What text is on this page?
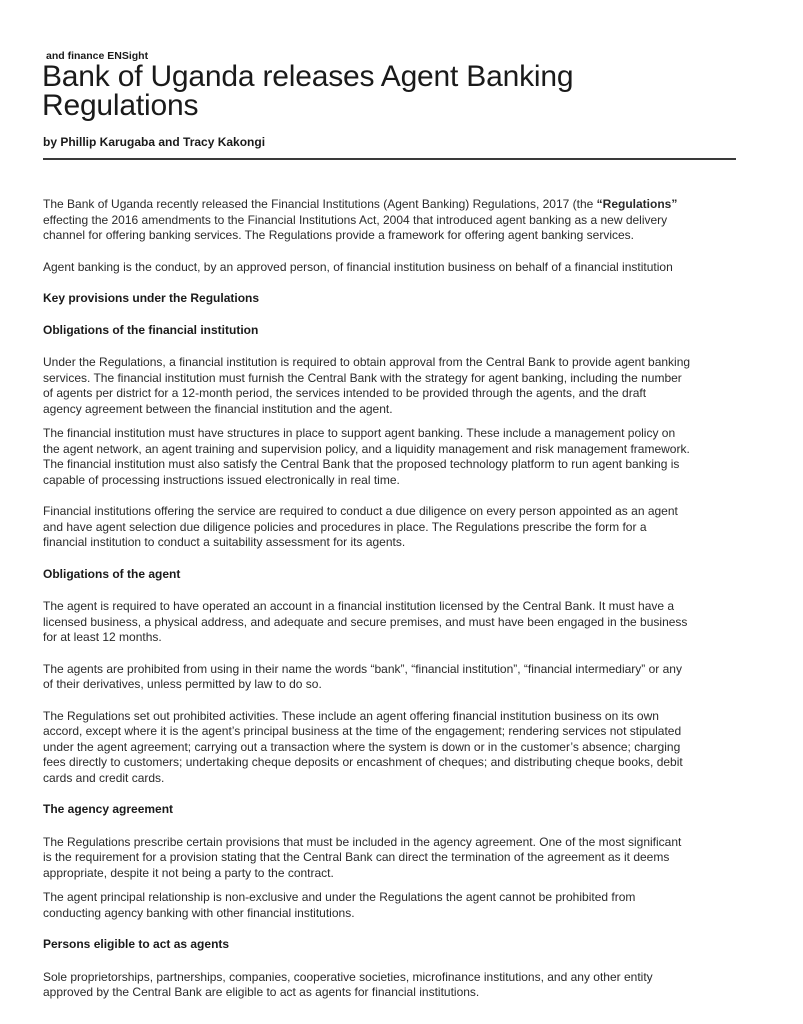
and finance ENSight
Bank of Uganda releases Agent Banking
Regulations
by Phillip Karugaba and Tracy Kakongi

The Bank of Uganda recently released the Financial Institutions (Agent Banking) Regulations, 2017 (the “Regulations”
effecting the 2016 amendments to the Financial Institutions Act, 2004 that introduced agent banking as a new delivery
channel for offering banking services. The Regulations provide a framework for offering agent banking services.

Agent banking is the conduct, by an approved person, of financial institution business on behalf of a financial institution

Key provisions under the Regulations

Obligations of the financial institution

Under the Regulations, a financial institution is required to obtain approval from the Central Bank to provide agent banking
services. The financial institution must furnish the Central Bank with the strategy for agent banking, including the number
of agents per district for a 12-month period, the services intended to be provided through the agents, and the draft
agency agreement between the financial institution and the agent.

The financial institution must have structures in place to support agent banking. These include a management policy on
the agent network, an agent training and supervision policy, and a liquidity management and risk management framework.
The financial institution must also satisfy the Central Bank that the proposed technology platform to run agent banking is
capable of processing instructions issued electronically in real time.

Financial institutions offering the service are required to conduct a due diligence on every person appointed as an agent
and have agent selection due diligence policies and procedures in place. The Regulations prescribe the form for a
financial institution to conduct a suitability assessment for its agents.

Obligations of the agent

The agent is required to have operated an account in a financial institution licensed by the Central Bank. It must have a
licensed business, a physical address, and adequate and secure premises, and must have been engaged in the business
for at least 12 months.

The agents are prohibited from using in their name the words “bank”, “financial institution”, “financial intermediary” or any
of their derivatives, unless permitted by law to do so.

The Regulations set out prohibited activities. These include an agent offering financial institution business on its own
accord, except where it is the agent’s principal business at the time of the engagement; rendering services not stipulated
under the agent agreement; carrying out a transaction where the system is down or in the customer’s absence; charging
fees directly to customers; undertaking cheque deposits or encashment of cheques; and distributing cheque books, debit
cards and credit cards.

The agency agreement

The Regulations prescribe certain provisions that must be included in the agency agreement. One of the most significant
is the requirement for a provision stating that the Central Bank can direct the termination of the agreement as it deems
appropriate, despite it not being a party to the contract.

The agent principal relationship is non-exclusive and under the Regulations the agent cannot be prohibited from
conducting agency banking with other financial institutions.

Persons eligible to act as agents

Sole proprietorships, partnerships, companies, cooperative societies, microfinance institutions, and any other entity
approved by the Central Bank are eligible to act as agents for financial institutions.
